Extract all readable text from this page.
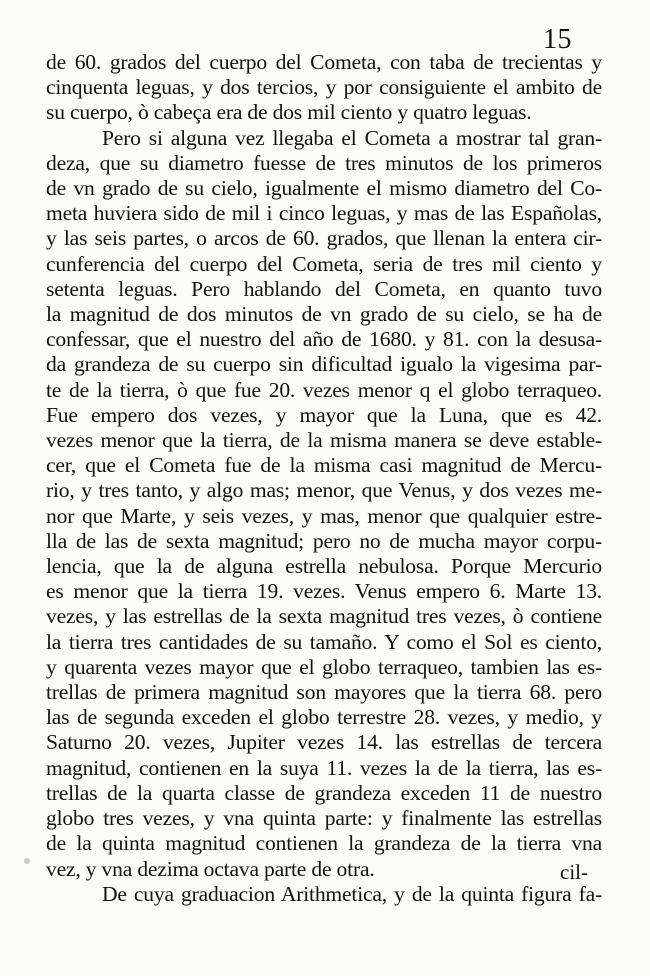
15
de 60. grados del cuerpo del Cometa, con taba de trecientas y
cinquenta leguas, y dos tercios, y por consiguiente el ambito de
su cuerpo, ò cabeça era de dos mil ciento y quatro leguas.
Pero si alguna vez llegaba el Cometa a mostrar tal gran-
deza, que su diametro fuesse de tres minutos de los primeros
de vn grado de su cielo, igualmente el mismo diametro del Co-
meta huviera sido de mil i cinco leguas, y mas de las Españolas,
y las seis partes, o arcos de 60. grados, que llenan la entera cir-
cunferencia del cuerpo del Cometa, seria de tres mil ciento y
setenta leguas. Pero hablando del Cometa, en quanto tuvo
la magnitud de dos minutos de vn grado de su cielo, se ha de
confessar, que el nuestro del año de 1680. y 81. con la desusa-
da grandeza de su cuerpo sin dificultad igualo la vigesima par-
te de la tierra, ò que fue 20. vezes menor q el globo terraqueo.
Fue empero dos vezes, y mayor que la Luna, que es 42.
vezes menor que la tierra, de la misma manera se deve estable-
cer, que el Cometa fue de la misma casi magnitud de Mercu-
rio, y tres tanto, y algo mas; menor, que Venus, y dos vezes me-
nor que Marte, y seis vezes, y mas, menor que qualquier estre-
lla de las de sexta magnitud; pero no de mucha mayor corpu-
lencia, que la de alguna estrella nebulosa. Porque Mercurio
es menor que la tierra 19. vezes. Venus empero 6. Marte 13.
vezes, y las estrellas de la sexta magnitud tres vezes, ò contiene
la tierra tres cantidades de su tamaño. Y como el Sol es ciento,
y quarenta vezes mayor que el globo terraqueo, tambien las es-
trellas de primera magnitud son mayores que la tierra 68. pero
las de segunda exceden el globo terrestre 28. vezes, y medio, y
Saturno 20. vezes, Jupiter vezes 14. las estrellas de tercera
magnitud, contienen en la suya 11. vezes la de la tierra, las es-
trellas de la quarta classe de grandeza exceden 11 de nuestro
globo tres vezes, y vna quinta parte: y finalmente las estrellas
de la quinta magnitud contienen la grandeza de la tierra vna
vez, y vna dezima octava parte de otra.
De cuya graduacion Arithmetica, y de la quinta figura fa-
cil-
